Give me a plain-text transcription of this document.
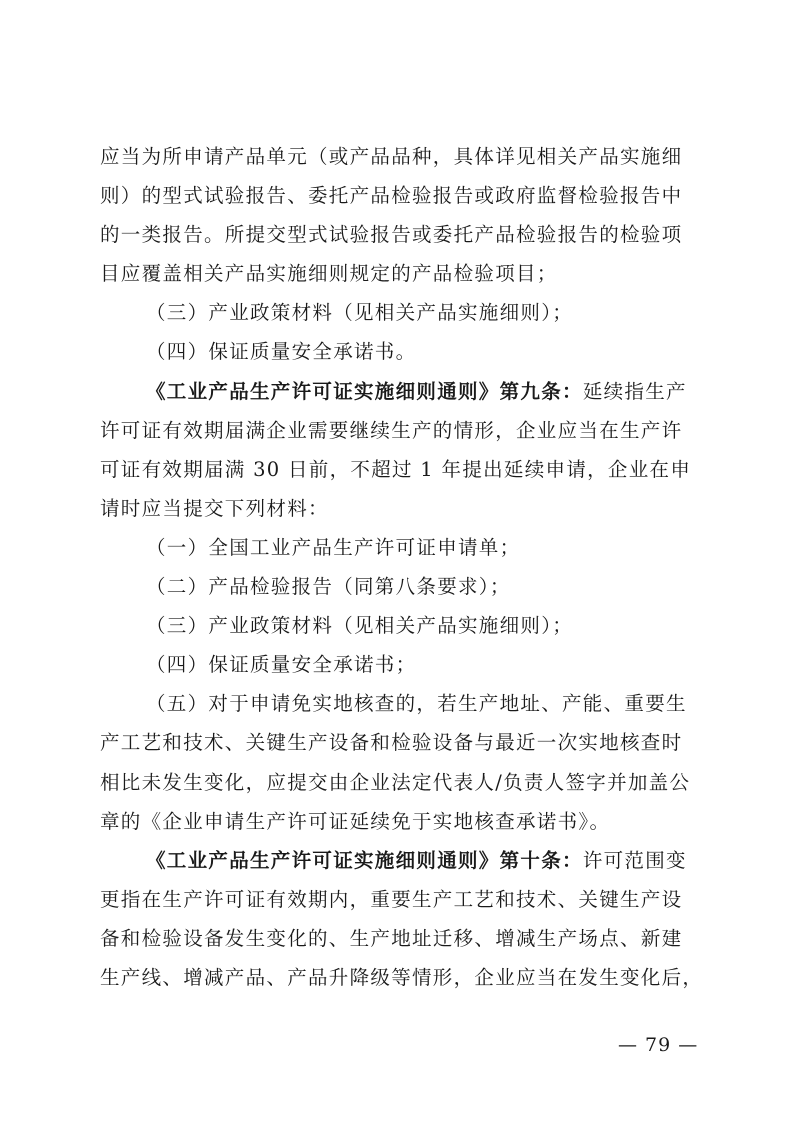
应当为所申请产品单元（或产品品种，具体详见相关产品实施细
则）的型式试验报告、委托产品检验报告或政府监督检验报告中
的一类报告。所提交型式试验报告或委托产品检验报告的检验项
目应覆盖相关产品实施细则规定的产品检验项目；
（三）产业政策材料（见相关产品实施细则）；
（四）保证质量安全承诺书。
《工业产品生产许可证实施细则通则》第九条：延续指生产
许可证有效期届满企业需要继续生产的情形，企业应当在生产许
可证有效期届满 30 日前，不超过 1 年提出延续申请，企业在申
请时应当提交下列材料：
（一）全国工业产品生产许可证申请单；
（二）产品检验报告（同第八条要求）；
（三）产业政策材料（见相关产品实施细则）；
（四）保证质量安全承诺书；
（五）对于申请免实地核查的，若生产地址、产能、重要生
产工艺和技术、关键生产设备和检验设备与最近一次实地核查时
相比未发生变化，应提交由企业法定代表人/负责人签字并加盖公
章的《企业申请生产许可证延续免于实地核查承诺书》。
《工业产品生产许可证实施细则通则》第十条：许可范围变
更指在生产许可证有效期内，重要生产工艺和技术、关键生产设
备和检验设备发生变化的、生产地址迁移、增减生产场点、新建
生产线、增减产品、产品升降级等情形，企业应当在发生变化后，
— 79 —
